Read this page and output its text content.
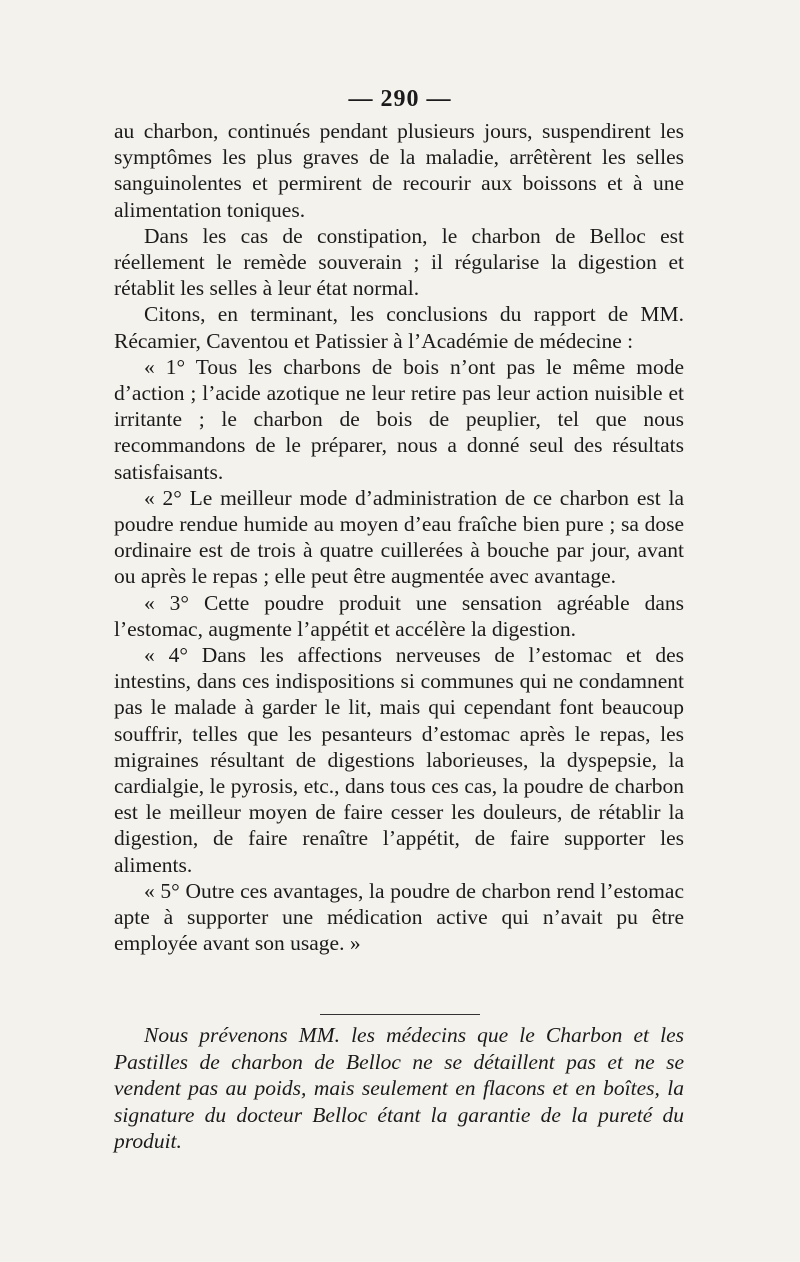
— 290 —

au charbon, continués pendant plusieurs jours, suspendirent les symptômes les plus graves de la maladie, arrêtèrent les selles sanguinolentes et permirent de recourir aux boissons et à une alimentation toniques.

Dans les cas de constipation, le charbon de Belloc est réellement le remède souverain ; il régularise la digestion et rétablit les selles à leur état normal.

Citons, en terminant, les conclusions du rapport de MM. Récamier, Caventou et Patissier à l’Académie de médecine :

« 1° Tous les charbons de bois n’ont pas le même mode d’action ; l’acide azotique ne leur retire pas leur action nuisible et irritante ; le charbon de bois de peuplier, tel que nous recommandons de le préparer, nous a donné seul des résultats satisfaisants.

« 2° Le meilleur mode d’administration de ce charbon est la poudre rendue humide au moyen d’eau fraîche bien pure ; sa dose ordinaire est de trois à quatre cuillerées à bouche par jour, avant ou après le repas ; elle peut être augmentée avec avantage.

« 3° Cette poudre produit une sensation agréable dans l’estomac, augmente l’appétit et accélère la digestion.

« 4° Dans les affections nerveuses de l’estomac et des intestins, dans ces indispositions si communes qui ne condamnent pas le malade à garder le lit, mais qui cependant font beaucoup souffrir, telles que les pesanteurs d’estomac après le repas, les migraines résultant de digestions laborieuses, la dyspepsie, la cardialgie, le pyrosis, etc., dans tous ces cas, la poudre de charbon est le meilleur moyen de faire cesser les douleurs, de rétablir la digestion, de faire renaître l’appétit, de faire supporter les aliments.

« 5° Outre ces avantages, la poudre de charbon rend l’estomac apte à supporter une médication active qui n’avait pu être employée avant son usage. »

Nous prévenons MM. les médecins que le Charbon et les Pastilles de charbon de Belloc ne se détaillent pas et ne se vendent pas au poids, mais seulement en flacons et en boîtes, la signature du docteur Belloc étant la garantie de la pureté du produit.
